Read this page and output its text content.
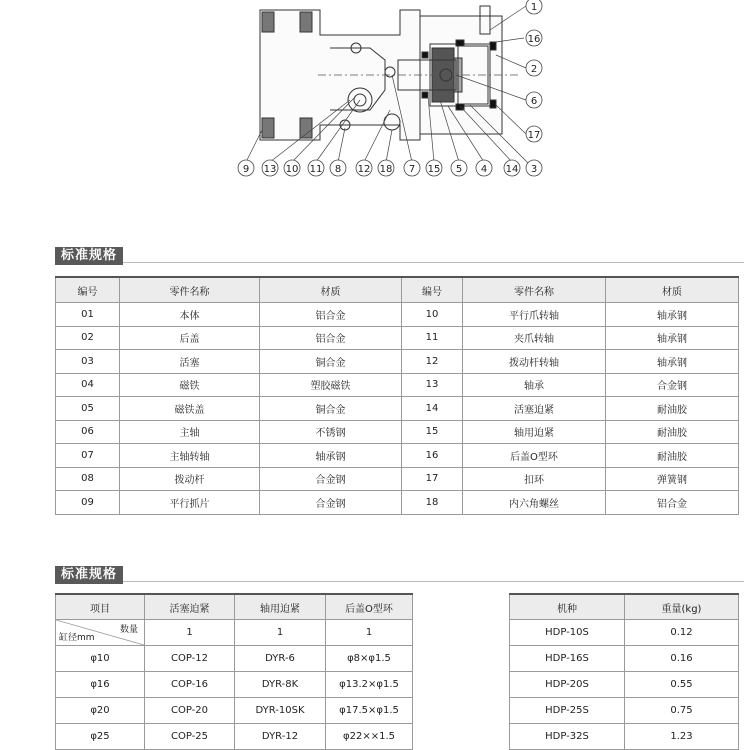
1
16
2
6
17
3
14
4
5
15
7
18
12
8
11
10
13
9
标准规格
编号	零件名称	材质	编号	零件名称	材质
01	本体	铝合金	10	平行爪转轴	轴承钢
02	后盖	铝合金	11	夹爪转轴	轴承钢
03	活塞	铜合金	12	拨动杆转轴	轴承钢
04	磁铁	塑胶磁铁	13	轴承	合金钢
05	磁铁盖	铜合金	14	活塞迫紧	耐油胶
06	主轴	不锈钢	15	轴用迫紧	耐油胶
07	主轴转轴	轴承钢	16	后盖O型环	耐油胶
08	拨动杆	合金钢	17	扣环	弹簧钢
09	平行抓片	合金钢	18	内六角螺丝	铝合金
标准规格
项目	活塞迫紧	轴用迫紧	后盖O型环

数量
缸径mm	1	1	1
φ10	COP-12	DYR-6	φ8×φ1.5
φ16	COP-16	DYR-8K	φ13.2×φ1.5
φ20	COP-20	DYR-10SK	φ17.5×φ1.5
φ25	COP-25	DYR-12	φ22××1.5
机种	重量(kg)
HDP-10S	0.12
HDP-16S	0.16
HDP-20S	0.55
HDP-25S	0.75
HDP-32S	1.23
